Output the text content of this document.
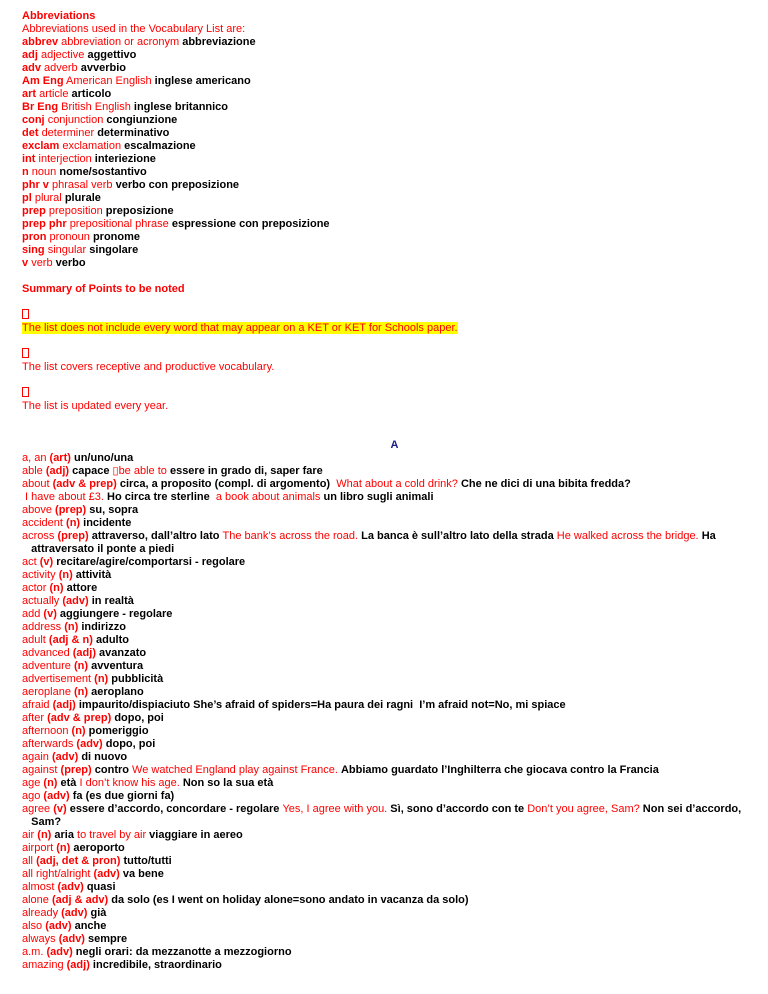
Abbreviations
Abbreviations used in the Vocabulary List are:
abbrev abbreviation or acronym abbreviazione
adj adjective aggettivo
adv adverb avverbio
Am Eng American English inglese americano
art article articolo
Br Eng British English inglese britannico
conj conjunction congiunzione
det determiner determinativo
exclam exclamation escalmazione
int interjection interiezione
n noun nome/sostantivo
phr v phrasal verb verbo con preposizione
pl plural plurale
prep preposition preposizione
prep phr prepositional phrase espressione con preposizione
pron pronoun pronome
sing singular singolare
v verb verbo
Summary of Points to be noted
The list does not include every word that may appear on a KET or KET for Schools paper.
The list covers receptive and productive vocabulary.
The list is updated every year.
A
a, an (art) un/uno/una
able (adj) capace ▯be able to essere in grado di, saper fare
about (adv & prep) circa, a proposito (compl. di argomento)  What about a cold drink? Che ne dici di una bibita fredda?
I have about £3. Ho circa tre sterline  a book about animals un libro sugli animali
above (prep) su, sopra
accident (n) incidente
across (prep) attraverso, dall’altro lato The bank’s across the road. La banca è sull’altro lato della strada He walked across the bridge. Ha
attraversato il ponte a piedi
act (v) recitare/agire/comportarsi - regolare
activity (n) attività
actor (n) attore
actually (adv) in realtà
add (v) aggiungere - regolare
address (n) indirizzo
adult (adj & n) adulto
advanced (adj) avanzato
adventure (n) avventura
advertisement (n) pubblicità
aeroplane (n) aeroplano
afraid (adj) impaurito/dispiaciuto She’s afraid of spiders=Ha paura dei ragni  I’m afraid not=No, mi spiace
after (adv & prep) dopo, poi
afternoon (n) pomeriggio
afterwards (adv) dopo, poi
again (adv) di nuovo
against (prep) contro We watched England play against France. Abbiamo guardato l’Inghilterra che giocava contro la Francia
age (n) età I don’t know his age. Non so la sua età
ago (adv) fa (es due giorni fa)
agree (v) essere d’accordo, concordare - regolare Yes, I agree with you. Sì, sono d’accordo con te Don’t you agree, Sam? Non sei d’accordo,
Sam?
air (n) aria to travel by air viaggiare in aereo
airport (n) aeroporto
all (adj, det & pron) tutto/tutti
all right/alright (adv) va bene
almost (adv) quasi
alone (adj & adv) da solo (es I went on holiday alone=sono andato in vacanza da solo)
already (adv) già
also (adv) anche
always (adv) sempre
a.m. (adv) negli orari: da mezzanotte a mezzogiorno
amazing (adj) incredibile, straordinario
